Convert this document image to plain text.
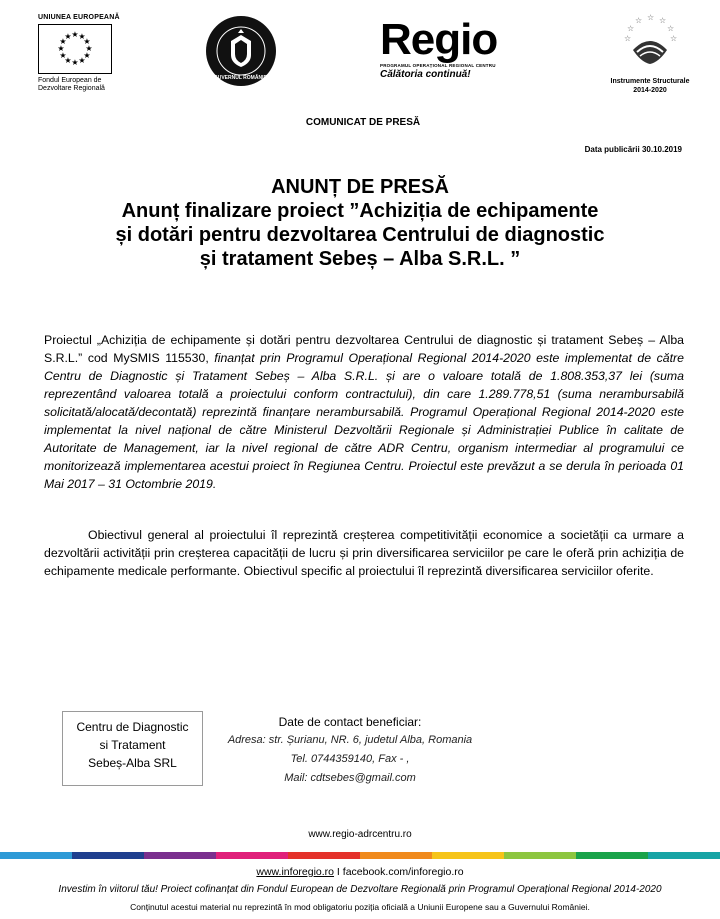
UNIUNEA EUROPEANĂ
★ ★
★
★
★
★
★
★
★
★
★
★
Fondul European de
Dezvoltare Regională
GUVERNUL ROMÂNIEI
Regio
PROGRAMUL OPERAȚIONAL REGIONAL CENTRU
Călătoria continuă!
☆ ☆
☆
☆
☆
☆
☆
Instrumente Structurale
2014-2020
COMUNICAT DE PRESĂ
Data publicării 30.10.2019
ANUNȚ DE PRESĂ
Anunț finalizare proiect ”Achiziția de echipamente
și dotări pentru dezvoltarea Centrului de diagnostic
și tratament Sebeș – Alba S.R.L. ”
Proiectul „Achiziția de echipamente și dotări pentru dezvoltarea Centrului de diagnostic și tratament Sebeș – Alba S.R.L.” cod MySMIS 115530, finanțat prin Programul Operațional Regional 2014-2020 este implementat de către Centru de Diagnostic și Tratament Sebeș – Alba S.R.L. și are o valoare totală de 1.808.353,37 lei (suma reprezentând valoarea totală a proiectului conform contractului), din care 1.289.778,51 (suma nerambursabilă solicitată/alocată/decontată) reprezintă finanțare nerambursabilă. Programul Operațional Regional 2014-2020 este implementat la nivel național de către Ministerul Dezvoltării Regionale și Administrației Publice în calitate de Autoritate de Management, iar la nivel regional de către ADR Centru, organism intermediar al programului ce monitorizează implementarea acestui proiect în Regiunea Centru. Proiectul este prevăzut a se derula în perioada 01 Mai 2017 – 31 Octombrie 2019.
Obiectivul general al proiectului îl reprezintă creșterea competitivității economice a societății ca urmare a dezvoltării activității prin creșterea capacității de lucru și prin diversificarea serviciilor pe care le oferă prin achiziția de echipamente medicale performante. Obiectivul specific al proiectului îl reprezintă diversificarea serviciilor oferite.
Centru de Diagnostic
si Tratament
Sebeș-Alba SRL
Date de contact beneficiar:
Adresa: str. Șurianu, NR. 6, judetul Alba, Romania
Tel. 0744359140, Fax - ,
Mail: cdtsebes@gmail.com
www.regio-adrcentru.ro
www.inforegio.ro I facebook.com/inforegio.ro
Investim în viitorul tău! Proiect cofinanțat din Fondul European de Dezvoltare Regională prin Programul Operațional Regional 2014-2020
Conținutul acestui material nu reprezintă în mod obligatoriu poziția oficială a Uniunii Europene sau a Guvernului României.
